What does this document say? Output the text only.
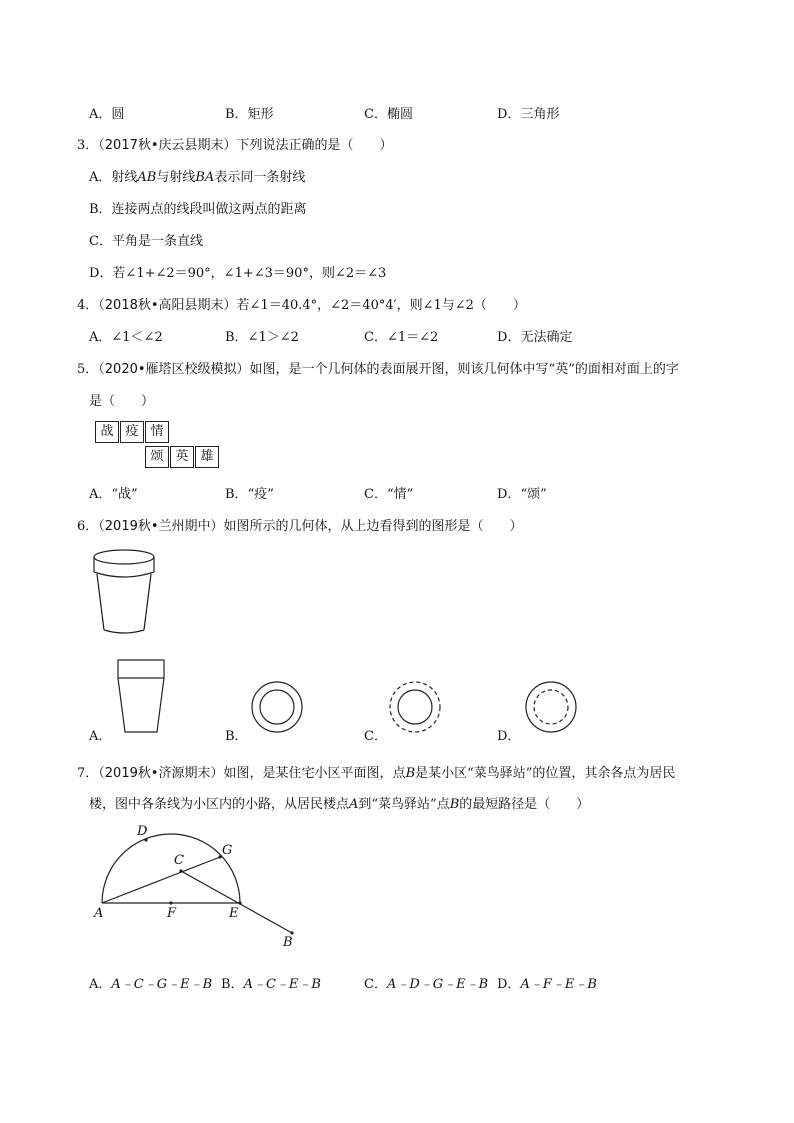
A．圆	B．矩形	C．椭圆	D．三角形
3．（2017秋•庆云县期末）下列说法正确的是（　　）
A．射线AB与射线BA表示同一条射线
B．连接两点的线段叫做这两点的距离
C．平角是一条直线
D．若∠1+∠2＝90°，∠1+∠3＝90°，则∠2＝∠3
4．（2018秋•高阳县期末）若∠1＝40.4°，∠2＝40°4′，则∠1与∠2（　　）
A．∠1＜∠2	B．∠1＞∠2	C．∠1＝∠2	D．无法确定
5．（2020•雁塔区校级模拟）如图，是一个几何体的表面展开图，则该几何体中写“英”的面相对面上的字
是（　　）
战 疫 情
颂 英 雄
A．“战”	B．“疫”	C．“情”	D．“颂”
6．（2019秋•兰州期中）如图所示的几何体，从上边看得到的图形是（　　）
A．	B．	C．	D．
7．（2019秋•济源期末）如图，是某住宅小区平面图，点B是某小区“菜鸟驿站”的位置，其余各点为居民
楼，图中各条线为小区内的小路，从居民楼点A到“菜鸟驿站”点B的最短路径是（　　）
D
C
G
A	F	E
B
A．A﹣C﹣G﹣E﹣B B．A﹣C﹣E﹣B	C．A﹣D﹣G﹣E﹣B D．A﹣F﹣E﹣B
